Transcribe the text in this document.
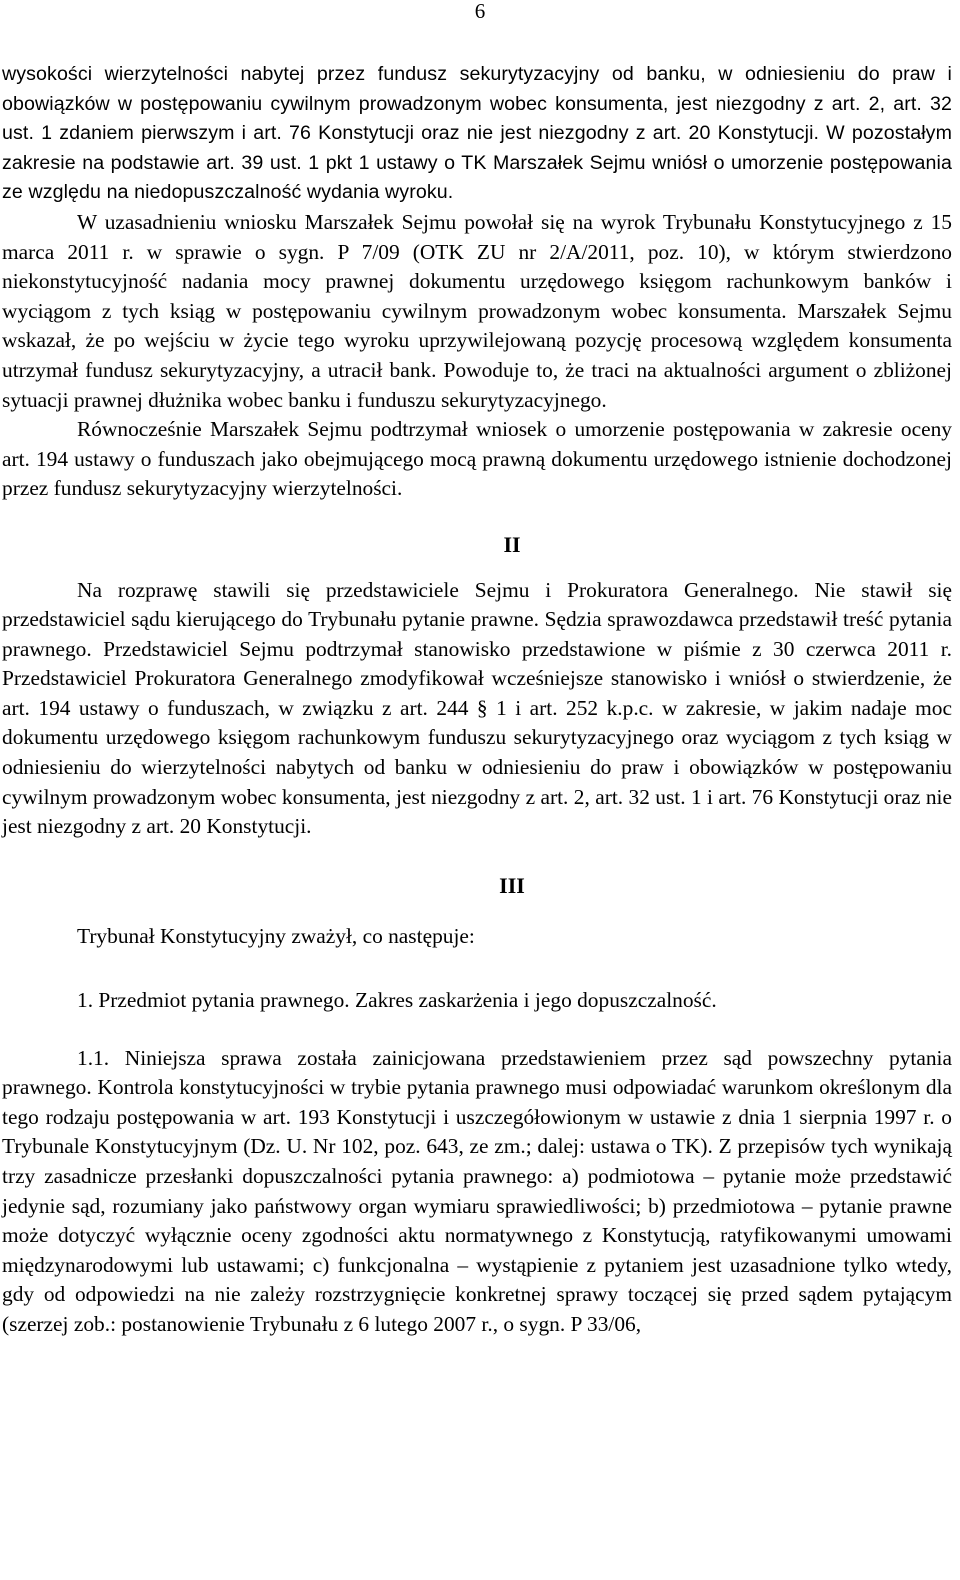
6

wysokości wierzytelności nabytej przez fundusz sekurytyzacyjny od banku, w odniesieniu do praw i obowiązków w postępowaniu cywilnym prowadzonym wobec konsumenta, jest niezgodny z art. 2, art. 32 ust. 1 zdaniem pierwszym i art. 76 Konstytucji oraz nie jest niezgodny z art. 20 Konstytucji. W pozostałym zakresie na podstawie art. 39 ust. 1 pkt 1 ustawy o TK Marszałek Sejmu wniósł o umorzenie postępowania ze względu na niedopuszczalność wydania wyroku.

W uzasadnieniu wniosku Marszałek Sejmu powołał się na wyrok Trybunału Konstytucyjnego z 15 marca 2011 r. w sprawie o sygn. P 7/09 (OTK ZU nr 2/A/2011, poz. 10), w którym stwierdzono niekonstytucyjność nadania mocy prawnej dokumentu urzędowego księgom rachunkowym banków i wyciągom z tych ksiąg w postępowaniu cywilnym prowadzonym wobec konsumenta. Marszałek Sejmu wskazał, że po wejściu w życie tego wyroku uprzywilejowaną pozycję procesową względem konsumenta utrzymał fundusz sekurytyzacyjny, a utracił bank. Powoduje to, że traci na aktualności argument o zbliżonej sytuacji prawnej dłużnika wobec banku i funduszu sekurytyzacyjnego.

Równocześnie Marszałek Sejmu podtrzymał wniosek o umorzenie postępowania w zakresie oceny art. 194 ustawy o funduszach jako obejmującego mocą prawną dokumentu urzędowego istnienie dochodzonej przez fundusz sekurytyzacyjny wierzytelności.

II

Na rozprawę stawili się przedstawiciele Sejmu i Prokuratora Generalnego. Nie stawił się przedstawiciel sądu kierującego do Trybunału pytanie prawne. Sędzia sprawozdawca przedstawił treść pytania prawnego. Przedstawiciel Sejmu podtrzymał stanowisko przedstawione w piśmie z 30 czerwca 2011 r. Przedstawiciel Prokuratora Generalnego zmodyfikował wcześniejsze stanowisko i wniósł o stwierdzenie, że art. 194 ustawy o funduszach, w związku z art. 244 § 1 i art. 252 k.p.c. w zakresie, w jakim nadaje moc dokumentu urzędowego księgom rachunkowym funduszu sekurytyzacyjnego oraz wyciągom z tych ksiąg w odniesieniu do wierzytelności nabytych od banku w odniesieniu do praw i obowiązków w postępowaniu cywilnym prowadzonym wobec konsumenta, jest niezgodny z art. 2, art. 32 ust. 1 i art. 76 Konstytucji oraz nie jest niezgodny z art. 20 Konstytucji.

III

Trybunał Konstytucyjny zważył, co następuje:

1. Przedmiot pytania prawnego. Zakres zaskarżenia i jego dopuszczalność.

1.1. Niniejsza sprawa została zainicjowana przedstawieniem przez sąd powszechny pytania prawnego. Kontrola konstytucyjności w trybie pytania prawnego musi odpowiadać warunkom określonym dla tego rodzaju postępowania w art. 193 Konstytucji i uszczegółowionym w ustawie z dnia 1 sierpnia 1997 r. o Trybunale Konstytucyjnym (Dz. U. Nr 102, poz. 643, ze zm.; dalej: ustawa o TK). Z przepisów tych wynikają trzy zasadnicze przesłanki dopuszczalności pytania prawnego: a) podmiotowa – pytanie może przedstawić jedynie sąd, rozumiany jako państwowy organ wymiaru sprawiedliwości; b) przedmiotowa – pytanie prawne może dotyczyć wyłącznie oceny zgodności aktu normatywnego z Konstytucją, ratyfikowanymi umowami międzynarodowymi lub ustawami; c) funkcjonalna – wystąpienie z pytaniem jest uzasadnione tylko wtedy, gdy od odpowiedzi na nie zależy rozstrzygnięcie konkretnej sprawy toczącej się przed sądem pytającym (szerzej zob.: postanowienie Trybunału z 6 lutego 2007 r., o sygn. P 33/06,
